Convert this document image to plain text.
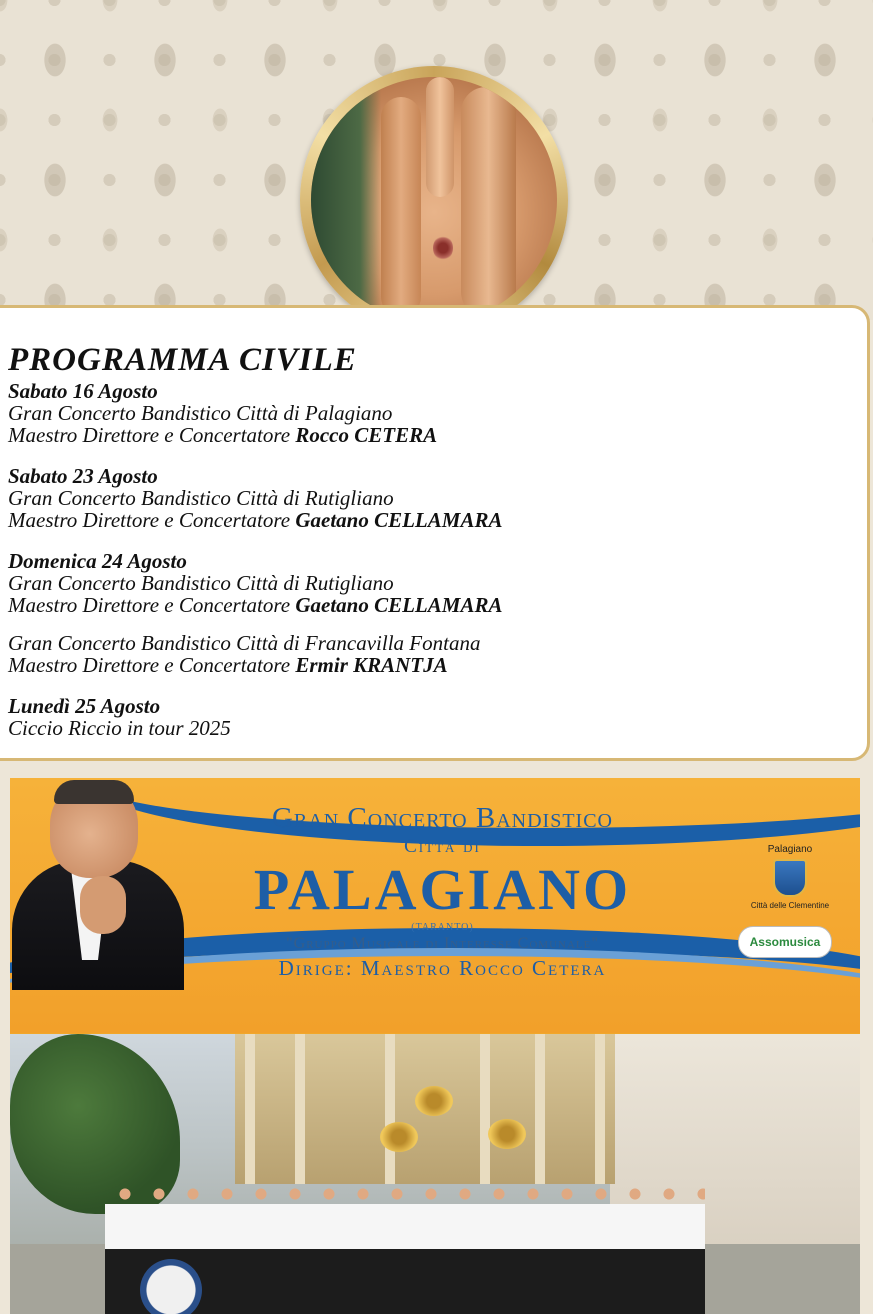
PROGRAMMA CIVILE
Sabato 16 Agosto
Gran Concerto Bandistico Città di Palagiano
Maestro Direttore e Concertatore Rocco CETERA
Sabato 23 Agosto
Gran Concerto Bandistico Città di Rutigliano
Maestro Direttore e Concertatore Gaetano CELLAMARA
Domenica 24 Agosto
Gran Concerto Bandistico Città di Rutigliano
Maestro Direttore e Concertatore Gaetano CELLAMARA
Gran Concerto Bandistico Città di Francavilla Fontana
Maestro Direttore e Concertatore Ermir KRANTJA
Lunedì 25 Agosto
Ciccio Riccio in tour 2025
Gran Concerto Bandistico
Città di
PALAGIANO
(TARANTO)
"Gruppo Musicale di Interesse Comunale"
Dirige: Maestro Rocco Cetera
Palagiano
Città delle Clementine
Assomusica
